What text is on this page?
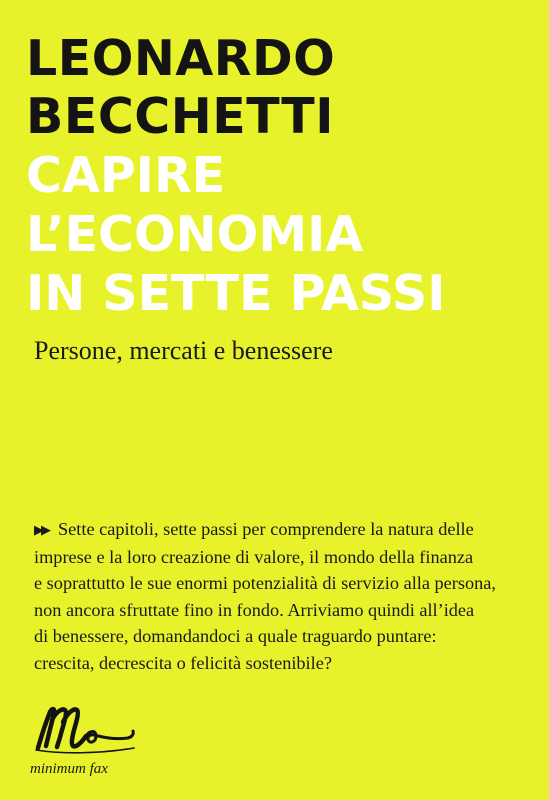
LEONARDO
BECCHETTI
CAPIRE
L’ECONOMIA
IN SETTE PASSI

Persone, mercati e benessere

▶▶ Sette capitoli, sette passi per comprendere la natura delle
imprese e la loro creazione di valore, il mondo della finanza
e soprattutto le sue enormi potenzialità di servizio alla persona,
non ancora sfruttate fino in fondo. Arriviamo quindi all’idea
di benessere, domandandoci a quale traguardo puntare:
crescita, decrescita o felicità sostenibile?
minimum fax
